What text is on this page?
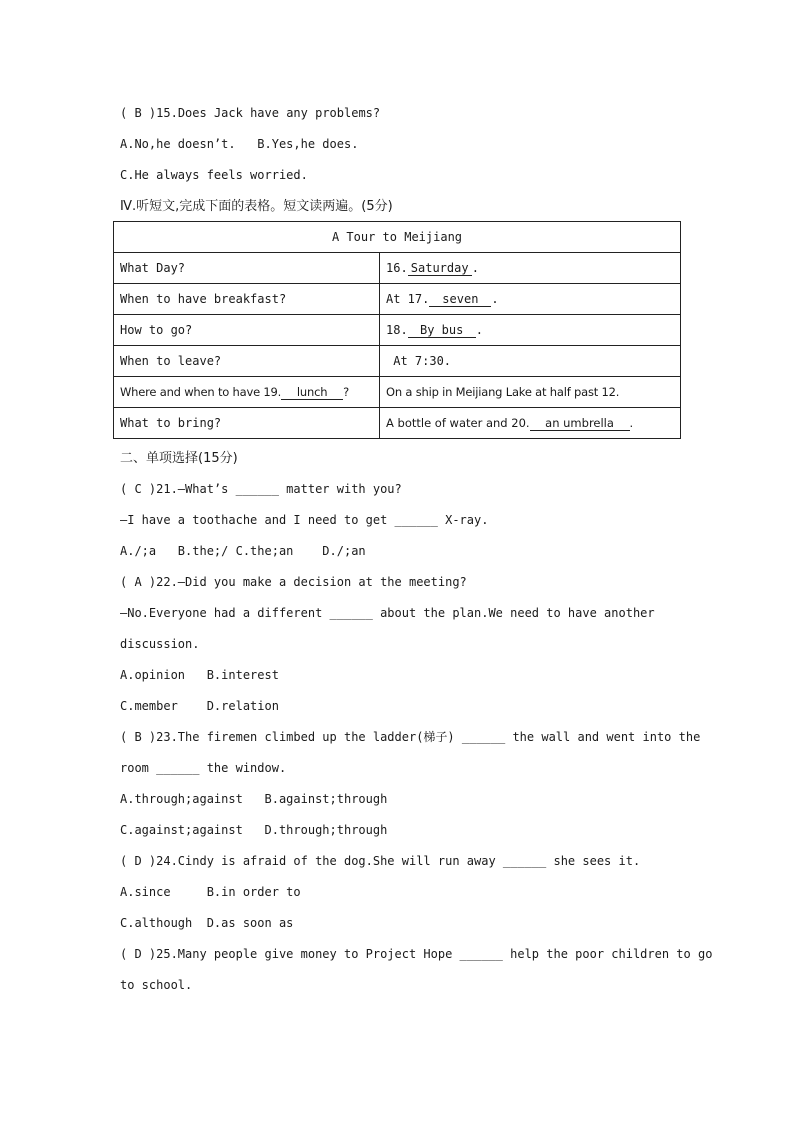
( B )15.Does Jack have any problems?
A.No,he doesn’t.   B.Yes,he does.
C.He always feels worried.
Ⅳ.听短文,完成下面的表格。短文读两遍。(5分)
A Tour to Meijiang	
What Day?	16. Saturday .
When to have breakfast?	At 17. seven .
How to go?	18. By bus .
When to leave?	At 7:30.
Where and when to have 19. lunch ?	On a ship in Meijiang Lake at half past 12.
What to bring?	A bottle of water and 20. an umbrella .
二、单项选择(15分)
( C )21.—What’s ______ matter with you?
—I have a toothache and I need to get ______ X-ray.
A./;a   B.the;/ C.the;an    D./;an
( A )22.—Did you make a decision at the meeting?
—No.Everyone had a different ______ about the plan.We need to have another
discussion.
A.opinion   B.interest
C.member    D.relation
( B )23.The firemen climbed up the ladder(梯子) ______ the wall and went into the
room ______ the window.
A.through;against   B.against;through
C.against;against   D.through;through
( D )24.Cindy is afraid of the dog.She will run away ______ she sees it.
A.since     B.in order to
C.although  D.as soon as
( D )25.Many people give money to Project Hope ______ help the poor children to go
to school.
